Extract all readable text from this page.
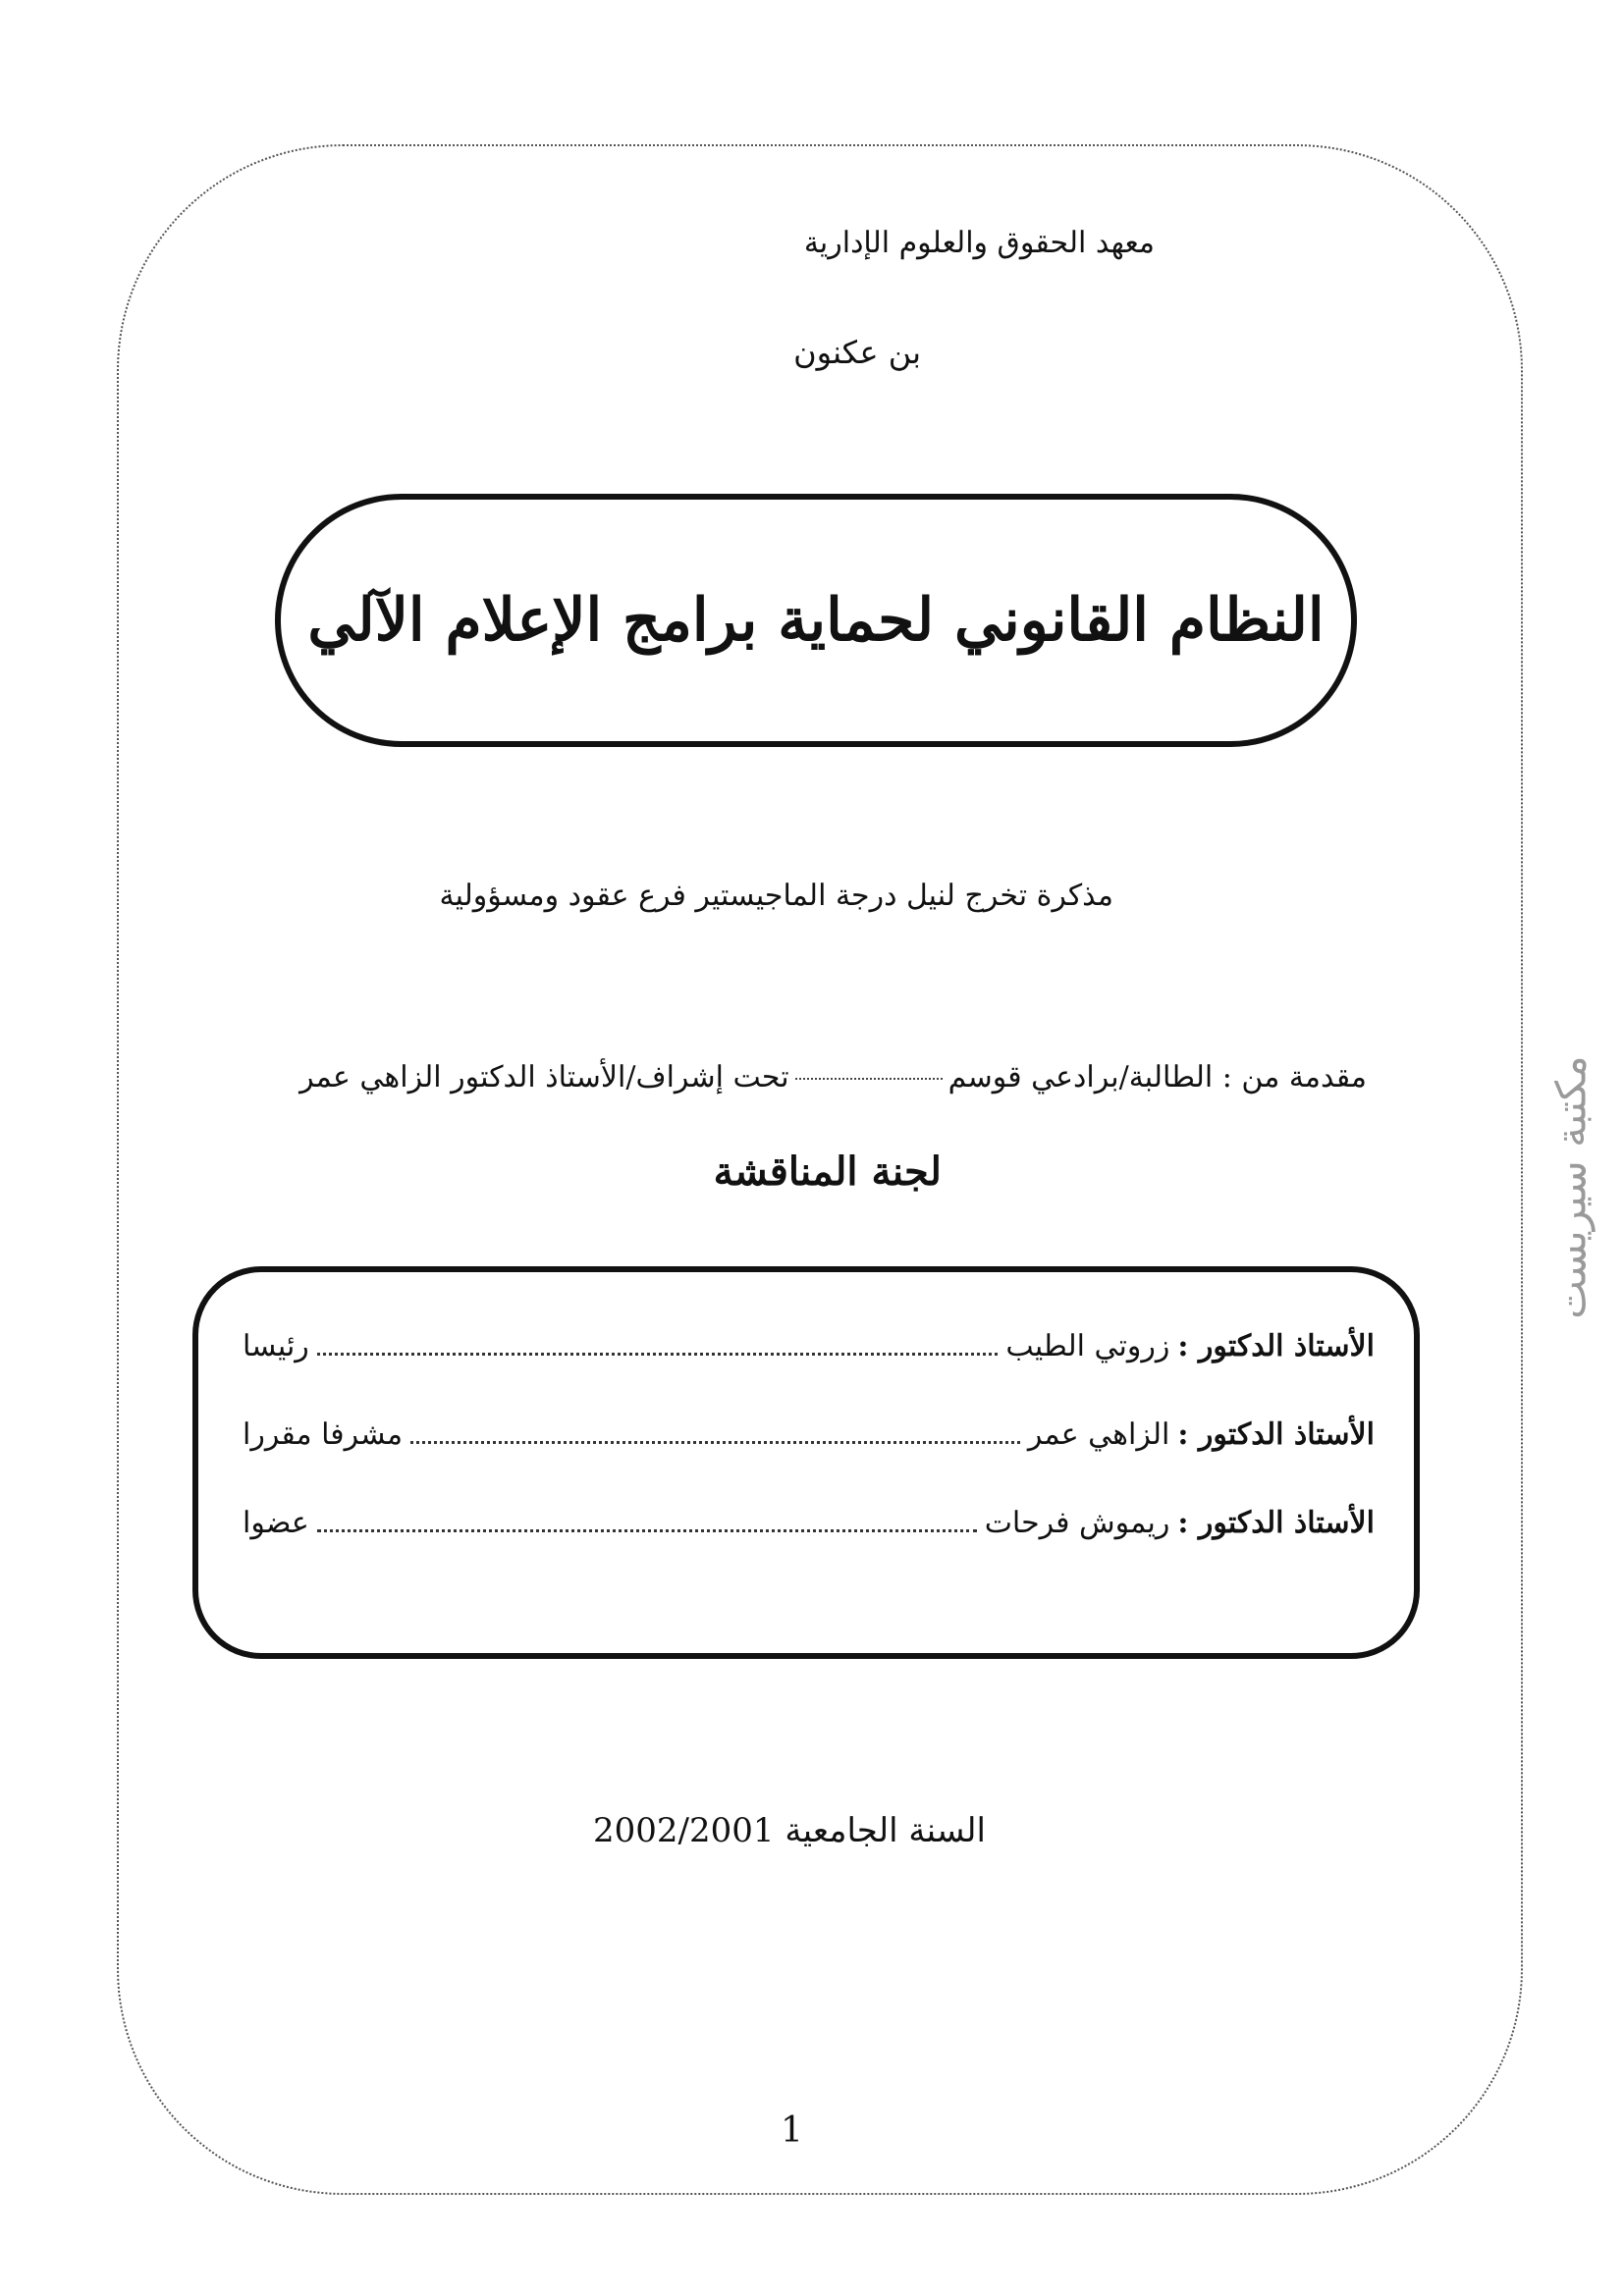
معهد الحقوق والعلوم الإدارية
بن عكنون
النظام القانوني لحماية برامج الإعلام الآلي
مذكرة تخرج لنيل درجة الماجيستير فرع عقود ومسؤولية
مقدمة من : الطالبة/برادعي قوسمتحت إشراف/الأستاذ الدكتور الزاهي عمر
لجنة المناقشة
الأستاذ الدكتور :
زروتي الطيب
رئيسا
الأستاذ الدكتور :
الزاهي عمر
مشرفا مقررا
الأستاذ الدكتور :
ريموش فرحات
عضوا
السنة الجامعية 2002/2001
1
مكتبة سيريست
